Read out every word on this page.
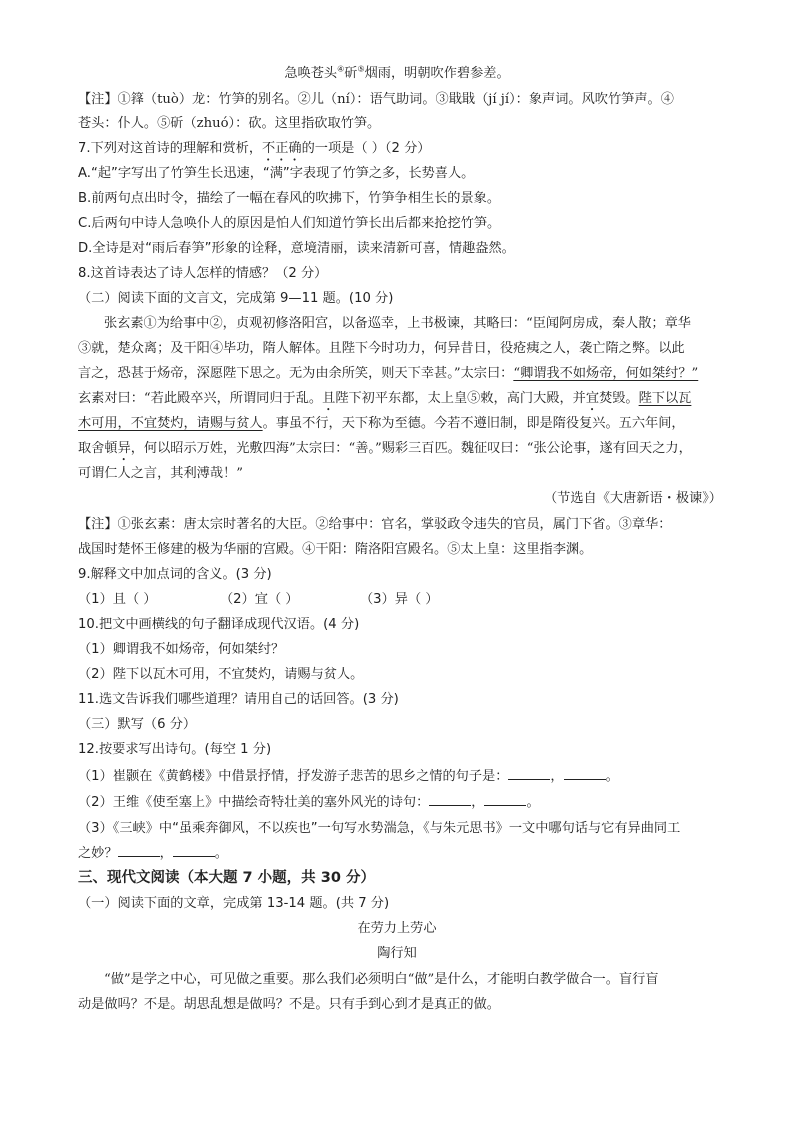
急唤苍头④斫⑤烟雨，明朝吹作碧参差。
【注】①箨（tuò）龙：竹笋的别名。②儿（ní）：语气助词。③戢戢（jí jí）：象声词。风吹竹笋声。④
苍头：仆人。⑤斫（zhuó）：砍。这里指砍取竹笋。
7.下列对这首诗的理解和赏析，不正确的一项是（ ）（2 分）
A.“起”字写出了竹笋生长迅速，“满”字表现了竹笋之多，长势喜人。
B.前两句点出时令，描绘了一幅在春风的吹拂下，竹笋争相生长的景象。
C.后两句中诗人急唤仆人的原因是怕人们知道竹笋长出后都来抢挖竹笋。
D.全诗是对“雨后春笋”形象的诠释，意境清丽，读来清新可喜，情趣盎然。
8.这首诗表达了诗人怎样的情感？（2 分）
（二）阅读下面的文言文，完成第 9—11 题。(10 分)
张玄素①为给事中②，贞观初修洛阳宫，以备巡幸，上书极谏，其略曰：“臣闻阿房成，秦人散；章华
③就，楚众离；及干阳④毕功，隋人解体。且陛下今时功力，何异昔日，役疮痍之人，袭亡隋之弊。以此
言之，恐甚于炀帝，深愿陛下思之。无为由余所笑，则天下幸甚。”太宗曰：“卿谓我不如炀帝，何如桀纣？”
玄素对曰：“若此殿卒兴，所谓同归于乱。且陛下初平东都，太上皇⑤敕，高门大殿，并宜焚毁。陛下以瓦
木可用，不宜焚灼，请赐与贫人。事虽不行，天下称为至德。今若不遵旧制，即是隋役复兴。五六年间，
取舍頓异，何以昭示万姓，光敷四海”太宗曰：“善。”赐彩三百匹。魏征叹曰：“张公论事，遂有回天之力，
可谓仁人之言，其利溥哉！”
（节选自《大唐新语・极谏》）
【注】①张玄素：唐太宗时著名的大臣。②给事中：官名，掌驳政令违失的官员，属门下省。③章华：
战国时楚怀王修建的极为华丽的宫殿。④干阳：隋洛阳宫殿名。⑤太上皇：这里指李渊。
9.解释文中加点词的含义。(3 分)
（1）且（ ）	（2）宜（ ）	（3）异（ ）
10.把文中画横线的句子翻译成现代汉语。(4 分)
（1）卿谓我不如炀帝，何如桀纣？
（2）陛下以瓦木可用，不宜焚灼，请赐与贫人。
11.选文告诉我们哪些道理？请用自己的话回答。(3 分)
（三）默写（6 分）
12.按要求写出诗句。(每空 1 分)
（1）崔颢在《黄鹤楼》中借景抒情，抒发游子悲苦的思乡之情的句子是：	，	。
（2）王维《使至塞上》中描绘奇特壮美的塞外风光的诗句：	，	。
（3）《三峡》中“虽乘奔御风，不以疾也”一句写水势湍急，《与朱元思书》一文中哪句话与它有异曲同工
之妙？	，	。
三、现代文阅读（本大题 7 小题，共 30 分）
（一）阅读下面的文章，完成第 13-14 题。(共 7 分)
在劳力上劳心
陶行知
“做”是学之中心，可见做之重要。那么我们必须明白“做”是什么，才能明白教学做合一。盲行盲
动是做吗？不是。胡思乱想是做吗？不是。只有手到心到才是真正的做。
